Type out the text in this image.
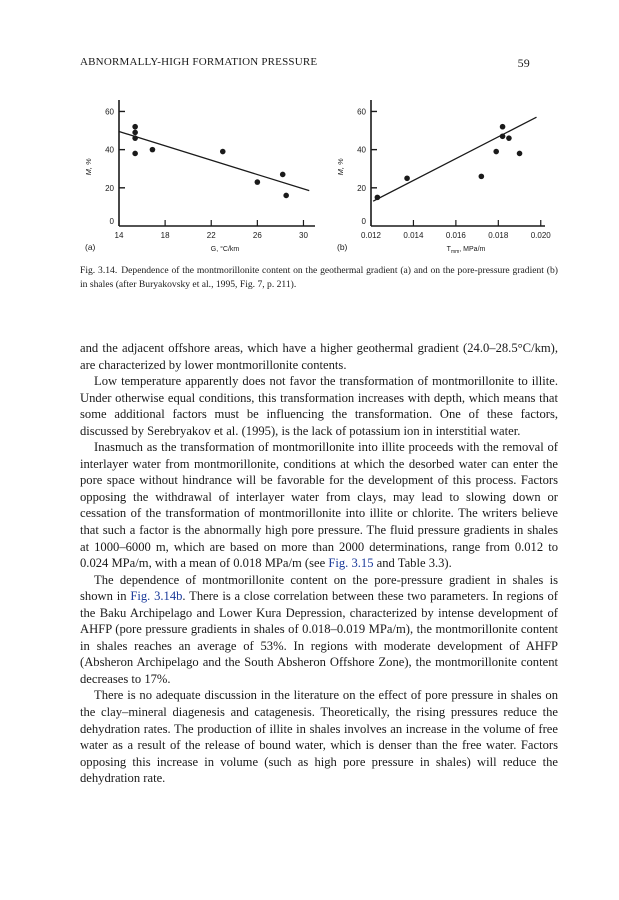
ABNORMALLY-HIGH FORMATION PRESSURE	59
0
20
40
60
14	18	22	26	30
M, %
(a)	G, °C/km
0
20
40
60
0.012	0.014	0.016	0.018	0.020
M, %
(b)	$T_{mm}$, MPa/m
Fig. 3.14. Dependence of the montmorillonite content on the geothermal gradient (a) and on the pore-pressure gradient (b) in shales (after Buryakovsky et al., 1995, Fig. 7, p. 211).

and the adjacent offshore areas, which have a higher geothermal gradient (24.0–28.5°C/km), are characterized by lower montmorillonite contents.

Low temperature apparently does not favor the transformation of montmorillonite to illite. Under otherwise equal conditions, this transformation increases with depth, which means that some additional factors must be influencing the transformation. One of these factors, discussed by Serebryakov et al. (1995), is the lack of potassium ion in interstitial water.

Inasmuch as the transformation of montmorillonite into illite proceeds with the removal of interlayer water from montmorillonite, conditions at which the desorbed water can enter the pore space without hindrance will be favorable for the development of this process. Factors opposing the withdrawal of interlayer water from clays, may lead to slowing down or cessation of the transformation of montmorillonite into illite or chlorite. The writers believe that such a factor is the abnormally high pore pressure. The fluid pressure gradients in shales at 1000–6000 m, which are based on more than 2000 determinations, range from 0.012 to 0.024 MPa/m, with a mean of 0.018 MPa/m (see Fig. 3.15 and Table 3.3).

The dependence of montmorillonite content on the pore-pressure gradient in shales is shown in Fig. 3.14b. There is a close correlation between these two parameters. In regions of the Baku Archipelago and Lower Kura Depression, characterized by intense development of AHFP (pore pressure gradients in shales of 0.018–0.019 MPa/m), the montmorillonite content in shales reaches an average of 53%. In regions with moderate development of AHFP (Absheron Archipelago and the South Absheron Offshore Zone), the montmorillonite content decreases to 17%.

There is no adequate discussion in the literature on the effect of pore pressure in shales on the clay–mineral diagenesis and catagenesis. Theoretically, the rising pressures reduce the dehydration rates. The production of illite in shales involves an increase in the volume of free water as a result of the release of bound water, which is denser than the free water. Factors opposing this increase in volume (such as high pore pressure in shales) will reduce the dehydration rate.
